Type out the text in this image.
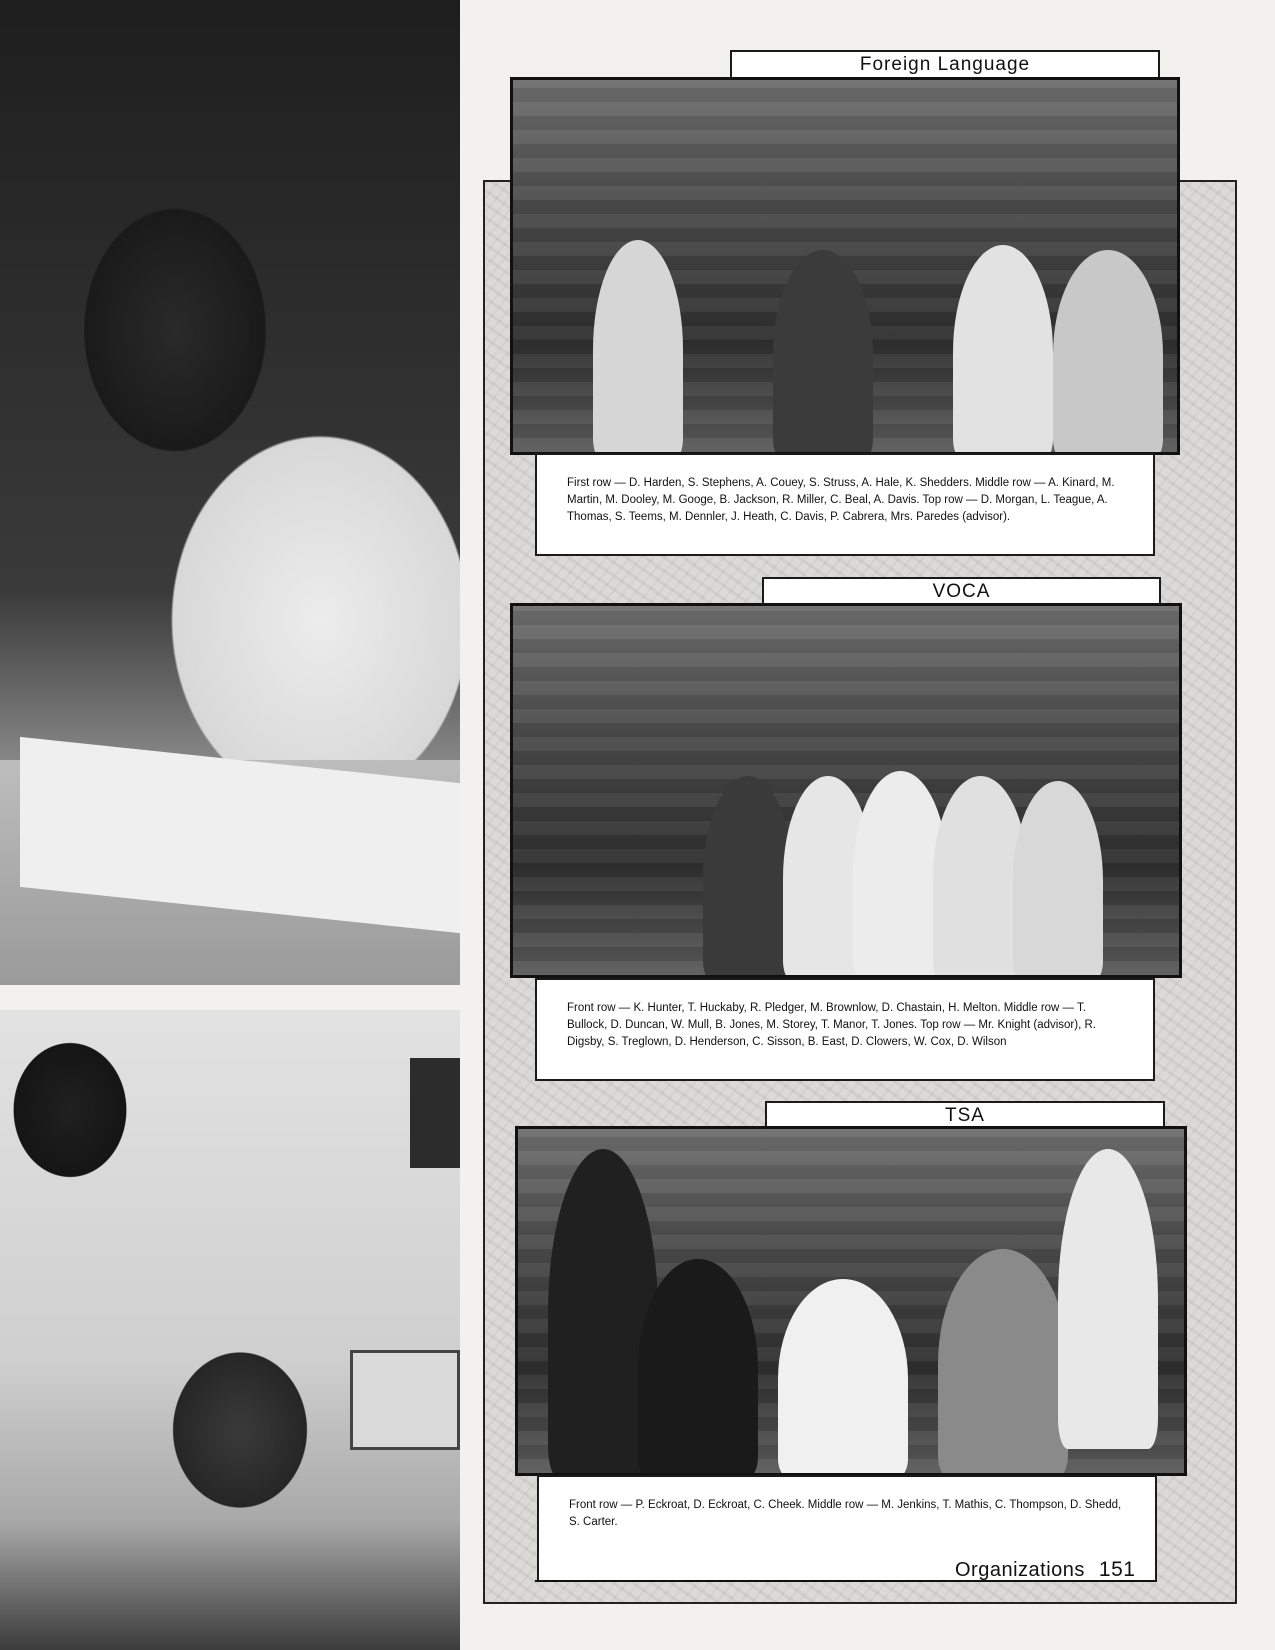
Foreign Language
First row — D. Harden, S. Stephens, A. Couey, S. Struss, A. Hale, K. Shedders. Middle row — A. Kinard, M. Martin, M. Dooley, M. Googe, B. Jackson, R. Miller, C. Beal, A. Davis. Top row — D. Morgan, L. Teague, A. Thomas, S. Teems, M. Dennler, J. Heath, C. Davis, P. Cabrera, Mrs. Paredes (advisor).
VOCA
Front row — K. Hunter, T. Huckaby, R. Pledger, M. Brownlow, D. Chastain, H. Melton. Middle row — T. Bullock, D. Duncan, W. Mull, B. Jones, M. Storey, T. Manor, T. Jones. Top row — Mr. Knight (advisor), R. Digsby, S. Treglown, D. Henderson, C. Sisson, B. East, D. Clowers, W. Cox, D. Wilson
TSA
Front row — P. Eckroat, D. Eckroat, C. Cheek. Middle row — M. Jenkins, T. Mathis, C. Thompson, D. Shedd, S. Carter.
Organizations 151
